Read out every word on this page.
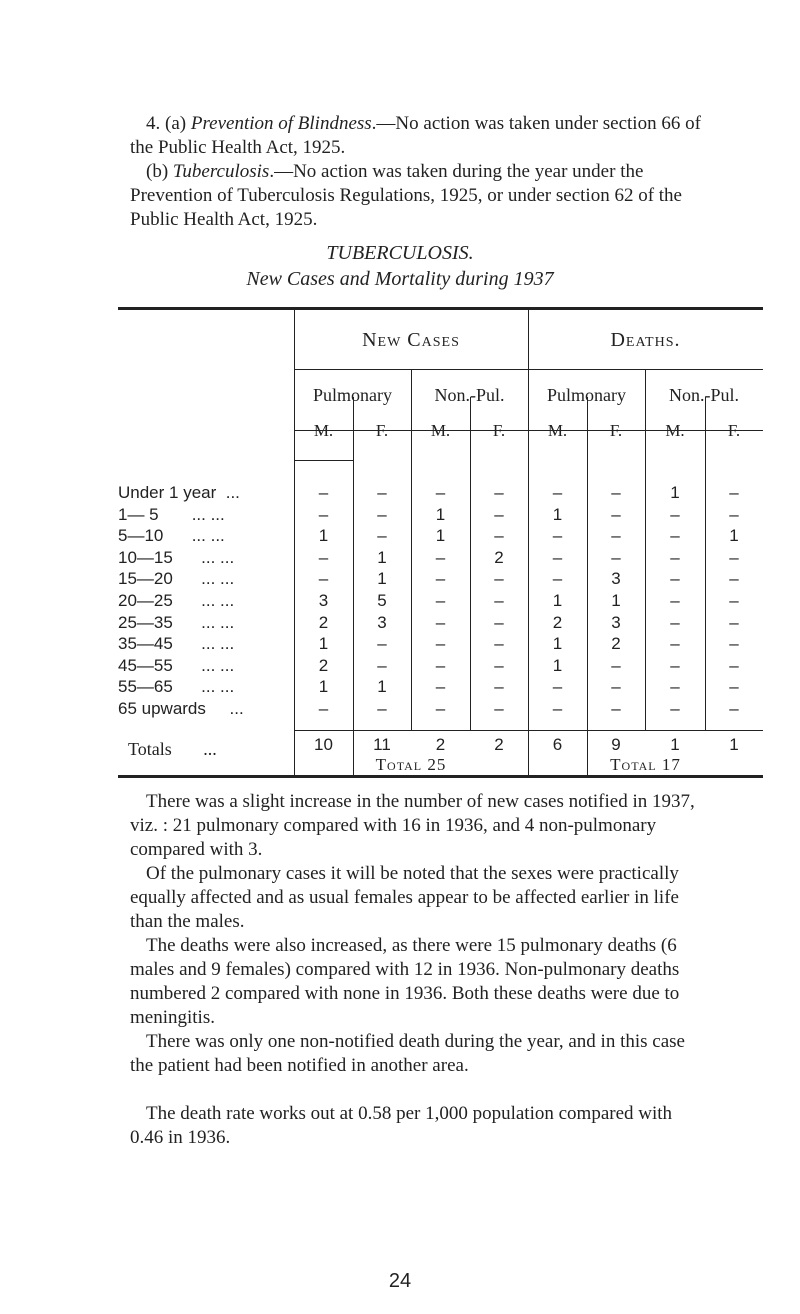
4. (a) Prevention of Blindness.—No action was taken under section 66 of the Public Health Act, 1925.

(b) Tuberculosis.—No action was taken during the year under the Prevention of Tuberculosis Regulations, 1925, or under section 62 of the Public Health Act, 1925.

TUBERCULOSIS.
New Cases and Mortality during 1937
New Cases	Deaths.
Pulmonary	Non.-Pul.	Pulmonary	Non.-Pul.
M.	F.	M.	F.	M.	F.	M.	F.
Under 1 year  ...	–	–	–	–	–	–	1	–
1— 5       ... ...	–	–	1	–	1	–	–	–
5—10      ... ...	1	–	1	–	–	–	–	1
10—15      ... ...	–	1	–	2	–	–	–	–
15—20      ... ...	–	1	–	–	–	3	–	–
20—25      ... ...	3	5	–	–	1	1	–	–
25—35      ... ...	2	3	–	–	2	3	–	–
35—45      ... ...	1	–	–	–	1	2	–	–
45—55      ... ...	2	–	–	–	1	–	–	–
55—65      ... ...	1	1	–	–	–	–	–	–
65 upwards     ...	–	–	–	–	–	–	–	–
Totals       ...	10	11	2	2	6	9	1	1
Total 25	Total 17

There was a slight increase in the number of new cases notified in 1937, viz. : 21 pulmonary compared with 16 in 1936, and 4 non-pulmonary compared with 3.

Of the pulmonary cases it will be noted that the sexes were practically equally affected and as usual females appear to be affected earlier in life than the males.

The deaths were also increased, as there were 15 pulmonary deaths (6 males and 9 females) compared with 12 in 1936. Non-pulmonary deaths numbered 2 compared with none in 1936. Both these deaths were due to meningitis.

There was only one non-notified death during the year, and in this case the patient had been notified in another area.

The death rate works out at 0.58 per 1,000 population compared with 0.46 in 1936.

24
